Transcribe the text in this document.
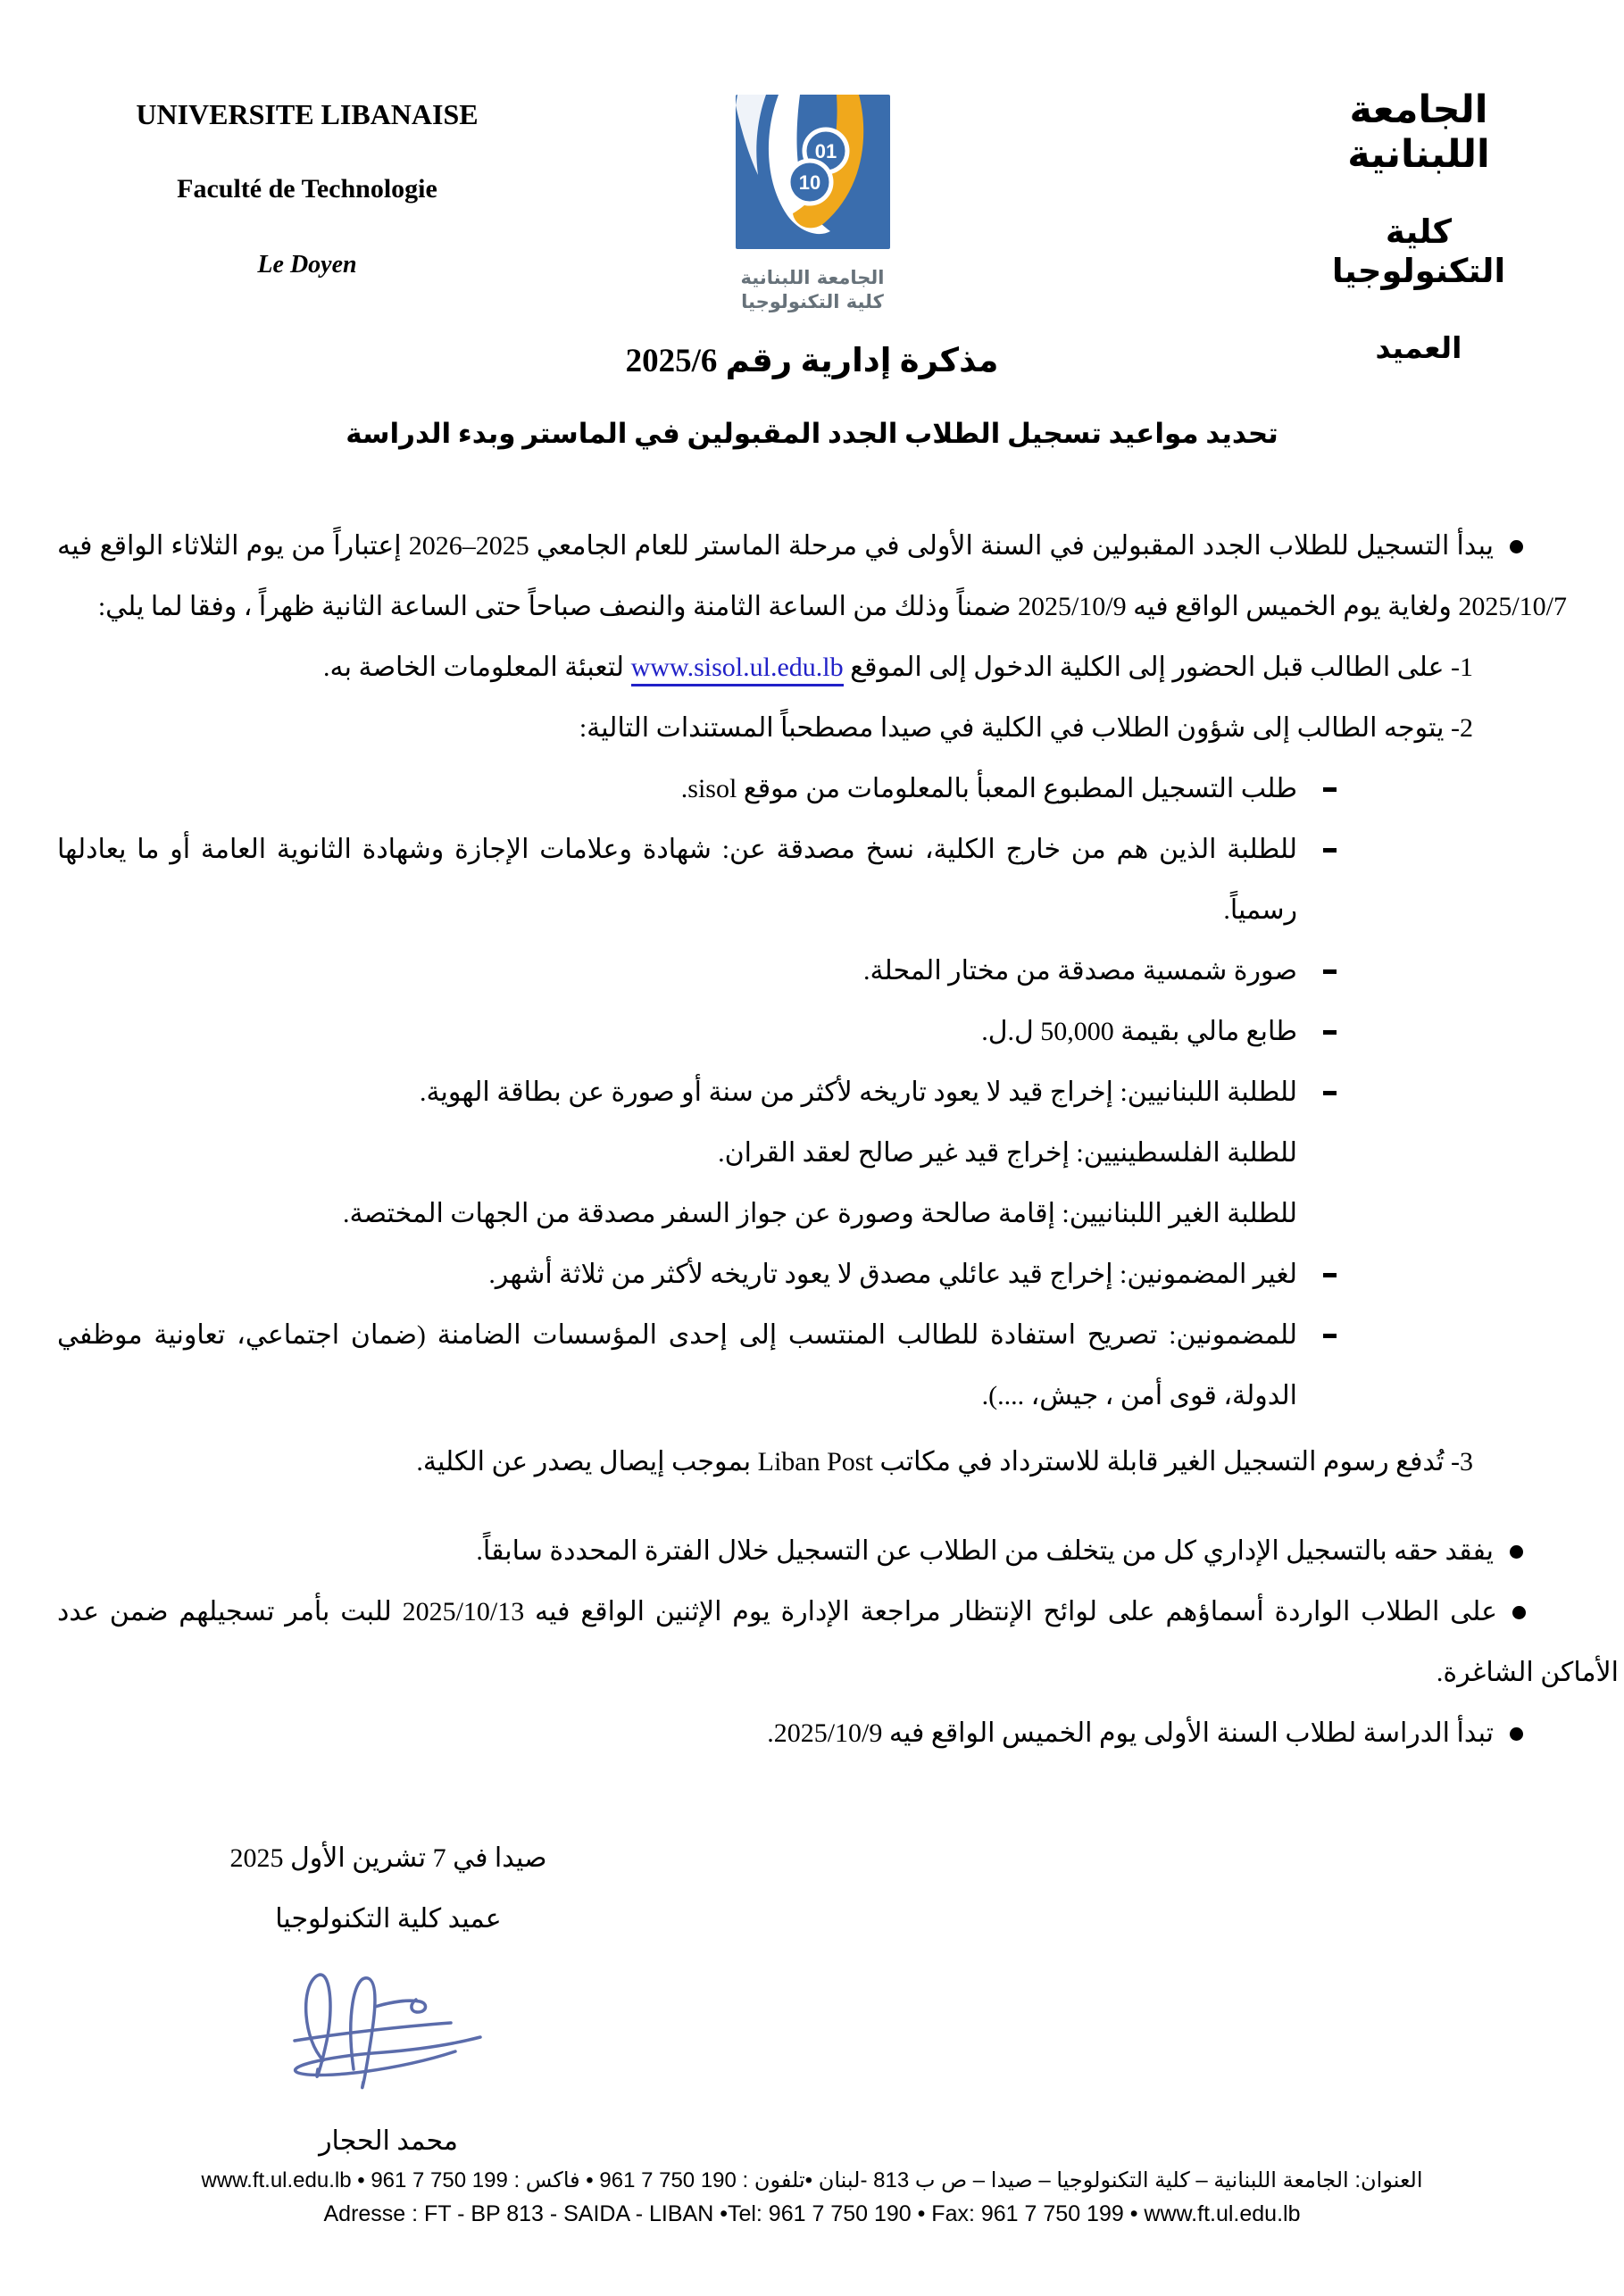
UNIVERSITE LIBANAISE
Faculté de Technologie
Le Doyen
01
10
الجامعة اللبنانية
كلية التكنولوجيا
الجامعة اللبنانية
كلية التكنولوجيا
العميد
مذكرة إدارية رقم 2025/6
تحديد مواعيد تسجيل الطلاب الجدد المقبولين في الماستر وبدء الدراسة
يبدأ التسجيل للطلاب الجدد المقبولين في السنة الأولى في مرحلة الماستر للعام الجامعي 2025–2026 إعتباراً من يوم الثلاثاء الواقع فيه 2025/10/7 ولغاية يوم الخميس الواقع فيه 2025/10/9 ضمناً وذلك من الساعة الثامنة والنصف صباحاً حتى الساعة الثانية ظهراً ، وفقا لما يلي:
1- على الطالب قبل الحضور إلى الكلية الدخول إلى الموقع www.sisol.ul.edu.lb لتعبئة المعلومات الخاصة به.
2- يتوجه الطالب إلى شؤون الطلاب في الكلية في صيدا مصطحباً المستندات التالية:
طلب التسجيل المطبوع المعبأ بالمعلومات من موقع sisol.
للطلبة الذين هم من خارج الكلية، نسخ مصدقة عن: شهادة وعلامات الإجازة وشهادة الثانوية العامة أو ما يعادلها رسمياً.
صورة شمسية مصدقة من مختار المحلة.
طابع مالي بقيمة 50,000 ل.ل.
للطلبة اللبنانيين: إخراج قيد لا يعود تاريخه لأكثر من سنة أو صورة عن بطاقة الهوية.
للطلبة الفلسطينيين: إخراج قيد غير صالح لعقد القران.
للطلبة الغير اللبنانيين: إقامة صالحة وصورة عن جواز السفر مصدقة من الجهات المختصة.
لغير المضمونين: إخراج قيد عائلي مصدق لا يعود تاريخه لأكثر من ثلاثة أشهر.
للمضمونين: تصريح استفادة للطالب المنتسب إلى إحدى المؤسسات الضامنة (ضمان اجتماعي، تعاونية موظفي الدولة، قوى أمن ، جيش، ....).
3- تُدفع رسوم التسجيل الغير قابلة للاسترداد في مكاتب Liban Post بموجب إيصال يصدر عن الكلية.
يفقد حقه بالتسجيل الإداري كل من يتخلف من الطلاب عن التسجيل خلال الفترة المحددة سابقاً.
على الطلاب الواردة أسماؤهم على لوائح الإنتظار مراجعة الإدارة يوم الإثنين الواقع فيه 2025/10/13 للبت بأمر تسجيلهم ضمن عدد الأماكن الشاغرة.
تبدأ الدراسة لطلاب السنة الأولى يوم الخميس الواقع فيه 2025/10/9.
صيدا في 7 تشرين الأول 2025
عميد كلية التكنولوجيا
محمد الحجار
العنوان: الجامعة اللبنانية – كلية التكنولوجيا – صيدا – ص ب 813 -لبنان •تلفون : ⁦961 7 750 190⁩ • فاكس : ⁦961 7 750 199⁩ • www.ft.ul.edu.lb
Adresse : FT - BP 813 - SAIDA - LIBAN •Tel: 961 7 750 190 • Fax: 961 7 750 199 • www.ft.ul.edu.lb
